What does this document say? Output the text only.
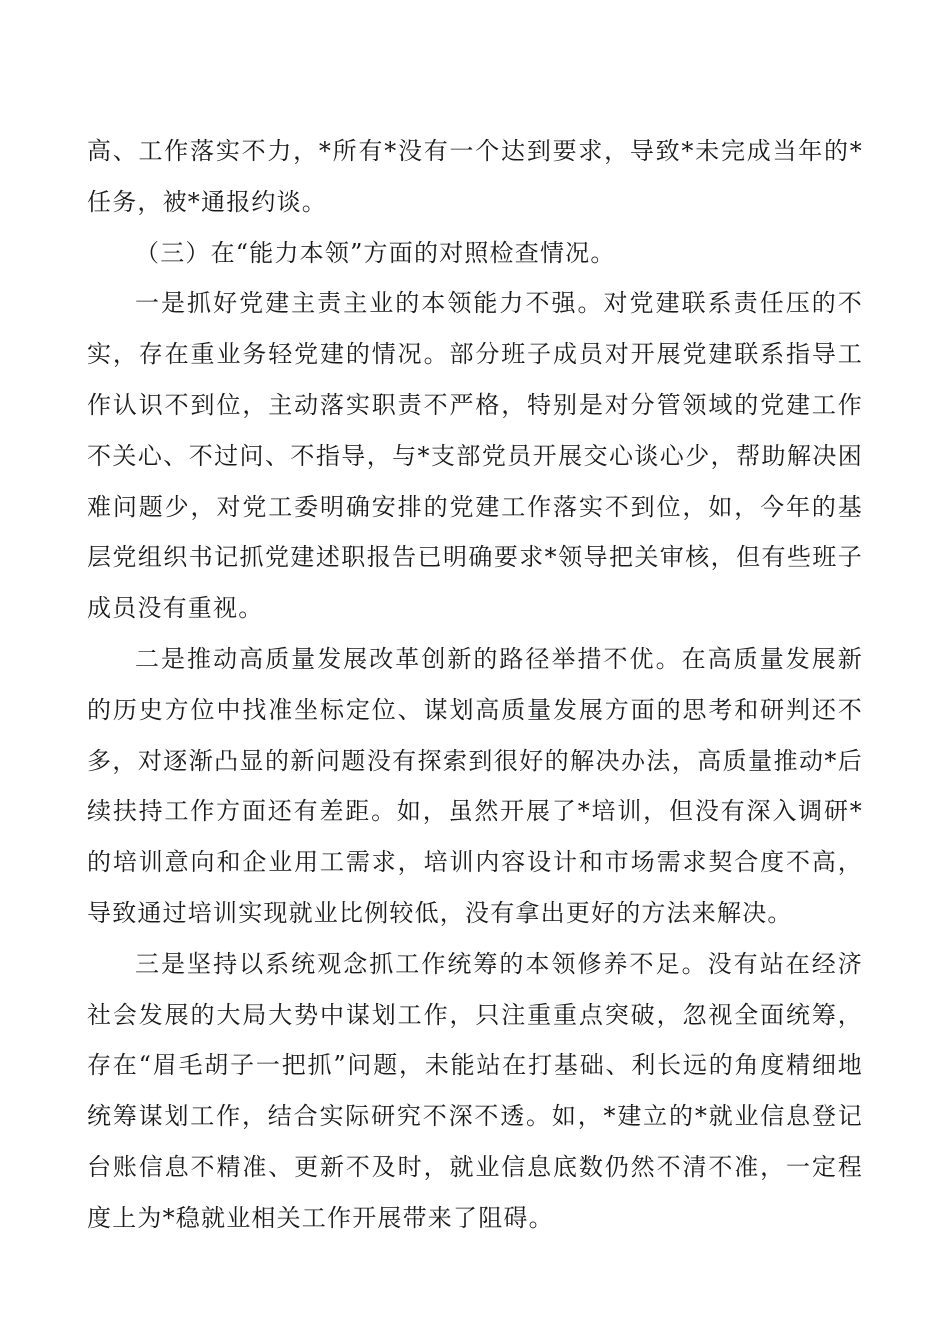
高、工作落实不力，*所有*没有一个达到要求，导致*未完成当年的*任务，被*通报约谈。

（三）在“能力本领”方面的对照检查情况。

一是抓好党建主责主业的本领能力不强。对党建联系责任压的不实，存在重业务轻党建的情况。部分班子成员对开展党建联系指导工作认识不到位，主动落实职责不严格，特别是对分管领域的党建工作不关心、不过问、不指导，与*支部党员开展交心谈心少，帮助解决困难问题少，对党工委明确安排的党建工作落实不到位，如，今年的基层党组织书记抓党建述职报告已明确要求*领导把关审核，但有些班子成员没有重视。

二是推动高质量发展改革创新的路径举措不优。在高质量发展新的历史方位中找准坐标定位、谋划高质量发展方面的思考和研判还不多，对逐渐凸显的新问题没有探索到很好的解决办法，高质量推动*后续扶持工作方面还有差距。如，虽然开展了*培训，但没有深入调研*的培训意向和企业用工需求，培训内容设计和市场需求契合度不高，导致通过培训实现就业比例较低，没有拿出更好的方法来解决。

三是坚持以系统观念抓工作统筹的本领修养不足。没有站在经济社会发展的大局大势中谋划工作，只注重重点突破，忽视全面统筹，存在“眉毛胡子一把抓”问题，未能站在打基础、利长远的角度精细地统筹谋划工作，结合实际研究不深不透。如，*建立的*就业信息登记台账信息不精准、更新不及时，就业信息底数仍然不清不准，一定程度上为*稳就业相关工作开展带来了阻碍。
